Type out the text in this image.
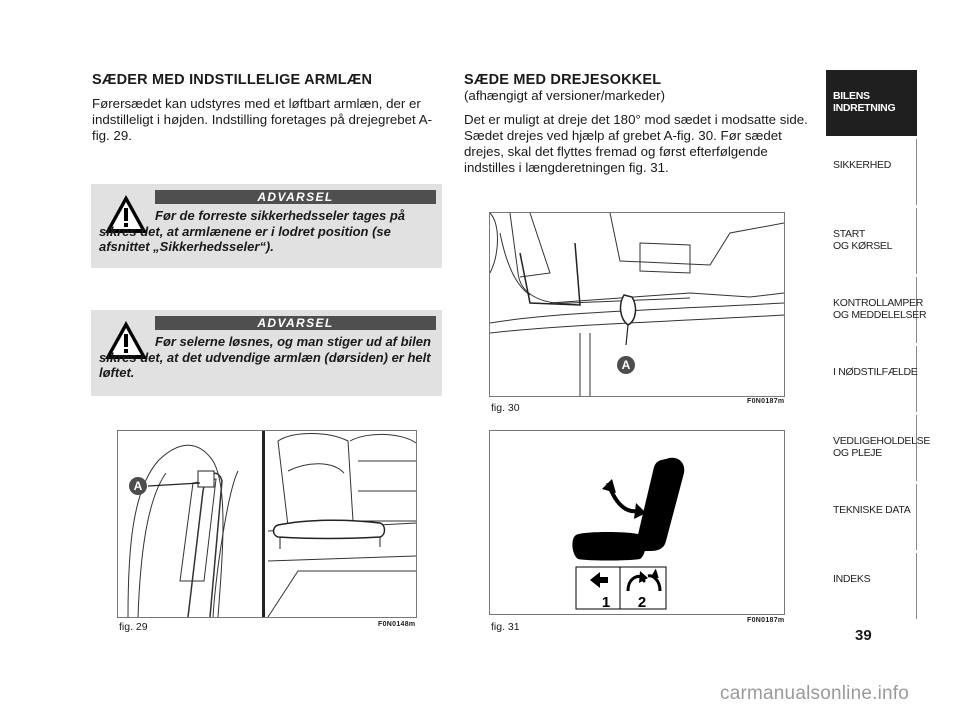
SÆDER MED INDSTILLELIGE ARMLÆN

Førersædet kan udstyres med et løftbart armlæn, der er indstilleligt i højden. Indstilling foretages på drejegrebet A-fig. 29.

ADVARSEL

Før de forreste sikkerhedsseler tages på sikres det, at armlænene er i lodret position (se afsnittet „Sikkerhedsseler“).

ADVARSEL

Før selerne løsnes, og man stiger ud af bilen sikres det, at det udvendige armlæn (dørsiden) er helt løftet.

A
fig. 29	F0N0148m
SÆDE MED DREJESOKKEL

(afhængigt af versioner/markeder)

Det er muligt at dreje det 180° mod sædet i modsatte side. Sædet drejes ved hjælp af grebet A-fig. 30. Før sædet drejes, skal det flyttes fremad og først efterfølgende indstilles i længderetningen fig. 31.

A
fig. 30
F0N0187m
1 2
fig. 31
F0N0187m
BILENS
INDRETNING
SIKKERHED
START
OG KØRSEL
KONTROLLAMPER
OG MEDDELELSER
I NØDSTILFÆLDE
VEDLIGEHOLDELSE
OG PLEJE
TEKNISKE DATA
INDEKS
39
carmanualsonline.info
